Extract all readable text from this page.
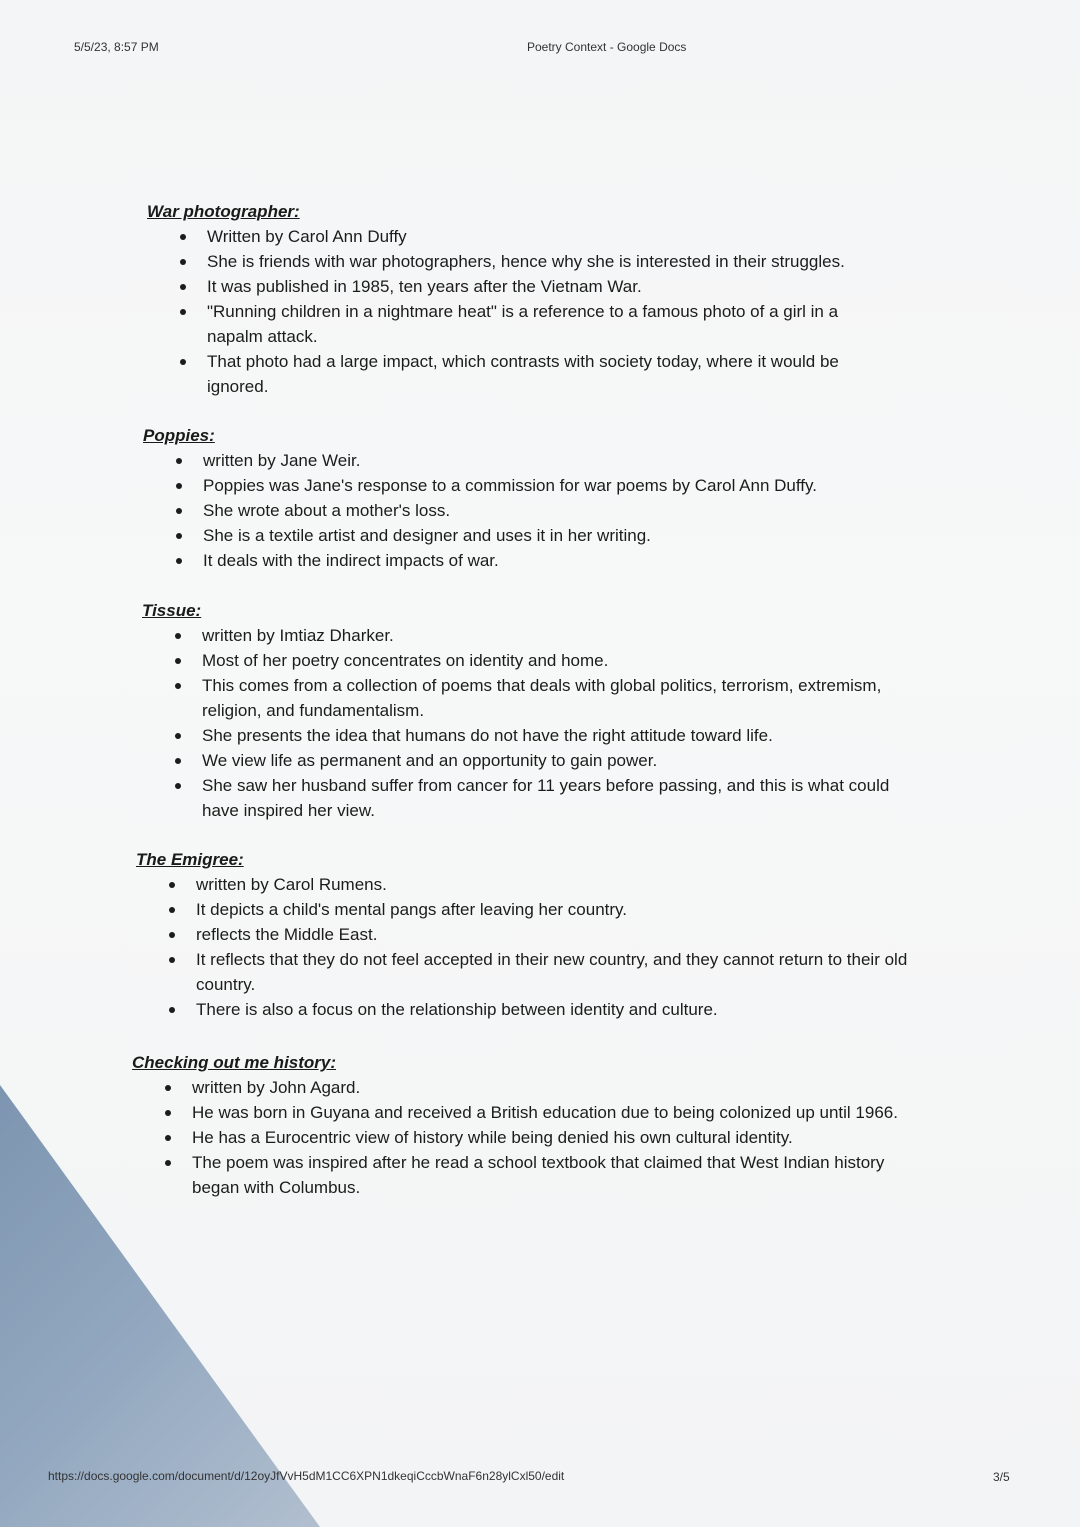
5/5/23, 8:57 PM	Poetry Context - Google Docs
War photographer:
Written by Carol Ann Duffy
She is friends with war photographers, hence why she is interested in their struggles.
It was published in 1985, ten years after the Vietnam War.
"Running children in a nightmare heat" is a reference to a famous photo of a girl in a napalm attack.
That photo had a large impact, which contrasts with society today, where it would be ignored.
Poppies:
written by Jane Weir.
Poppies was Jane's response to a commission for war poems by Carol Ann Duffy.
She wrote about a mother's loss.
She is a textile artist and designer and uses it in her writing.
It deals with the indirect impacts of war.
Tissue:
written by Imtiaz Dharker.
Most of her poetry concentrates on identity and home.
This comes from a collection of poems that deals with global politics, terrorism, extremism, religion, and fundamentalism.
She presents the idea that humans do not have the right attitude toward life.
We view life as permanent and an opportunity to gain power.
She saw her husband suffer from cancer for 11 years before passing, and this is what could have inspired her view.
The Emigree:
written by Carol Rumens.
It depicts a child's mental pangs after leaving her country.
reflects the Middle East.
It reflects that they do not feel accepted in their new country, and they cannot return to their old country.
There is also a focus on the relationship between identity and culture.
Checking out me history:
written by John Agard.
He was born in Guyana and received a British education due to being colonized up until 1966.
He has a Eurocentric view of history while being denied his own cultural identity.
The poem was inspired after he read a school textbook that claimed that West Indian history began with Columbus.
https://docs.google.com/document/d/12oyJfVvH5dM1CC6XPN1dkeqiCccbWnaF6n28ylCxl50/edit	3/5
